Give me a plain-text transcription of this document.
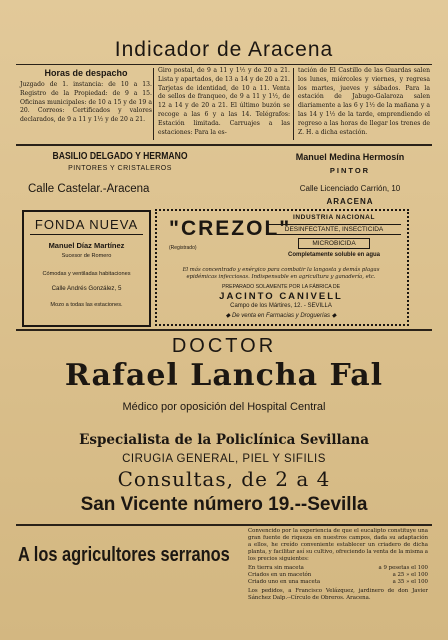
Indicador de Aracena
Horas de despacho
Juzgado de 1. instancia: de 10 a 13. Registro de la Propiedad: de 9 a 15. Oficinas municipales: de 10 a 15 y de 19 a 20. Correos: Certificados y valores declarados, de 9 a 11 y 1½ y de 20 a 21.
Giro postal, de 9 a 11 y 1½ y de 20 a 21. Lista y apartados, de 13 a 14 y de 20 a 21. Tarjetas de identidad, de 10 a 11. Venta de sellos de franqueo, de 9 a 11 y 1½, de 12 a 14 y de 20 a 21. El último buzón se recoge a las 6 y a las 14. Telégrafos: Estación limitada. Carruajes a las estaciones: Para la es-
tación de El Castillo de las Guardas salen los lunes, miércoles y viernes, y regresa los martes, jueves y sábados. Para la estación de Jabugo-Galaroza salen diariamente a las 6 y 1½ de la mañana y a las 14 y 1½ de la tarde, emprendiendo el regreso a las horas de llegar los trenes de Z. H. a dicha estación.
BASILIO DELGADO Y HERMANO
PINTORES Y CRISTALEROS
Calle Castelar.-Aracena
Manuel Medina Hermosín
PINTOR
Calle Licenciado Carrión, 10
ARACENA
FONDA NUEVA
Manuel Díaz Martínez
Sucesor de Romero
Cómodas y ventiladas habitaciones
Calle Andrés González, 5
Mozo a todas las estaciones.
"CREZOL"
(Registrado)
INDUSTRIA NACIONAL
DESINFECTANTE, INSECTICIDA
MICROBICIDA
Completamente soluble en agua
El más concentrado y enérgico para combatir la langosta y demás plagas epidémicas infecciosas. Indispensable en agricultura y ganadería, etc.
PREPARADO SOLAMENTE POR LA FÁBRICA DE
JACINTO CANIVELL
Campo de los Mártires, 12. - SEVILLA
◆ De venta en Farmacias y Droguerías ◆
DOCTOR
Rafael Lancha Fal
Médico por oposición del Hospital Central
Especialista de la Policlínica Sevillana
CIRUGIA GENERAL, PIEL Y SIFILIS
Consultas, de 2 a 4
San Vicente número 19.--Sevilla
A los agricultores serranos
Convencido por la experiencia de que el eucalipto constituye una gran fuente de riqueza en nuestros campos, dada su adaptación a ellos, he creído conveniente establecer un criadero de dicha planta, y facilitar así su cultivo, ofreciendo la venta de la misma a los precios siguientes:
En tierra sin maceta	a 9 pesetas el 100
Criados en un macetón	a 25 » el 100
Criado uno en una maceta	a 35 » el 100
Los pedidos, a Francisco Velázquez, jardinero de don Javier Sánchez Dalp.--Círculo de Obreros. Aracena.
